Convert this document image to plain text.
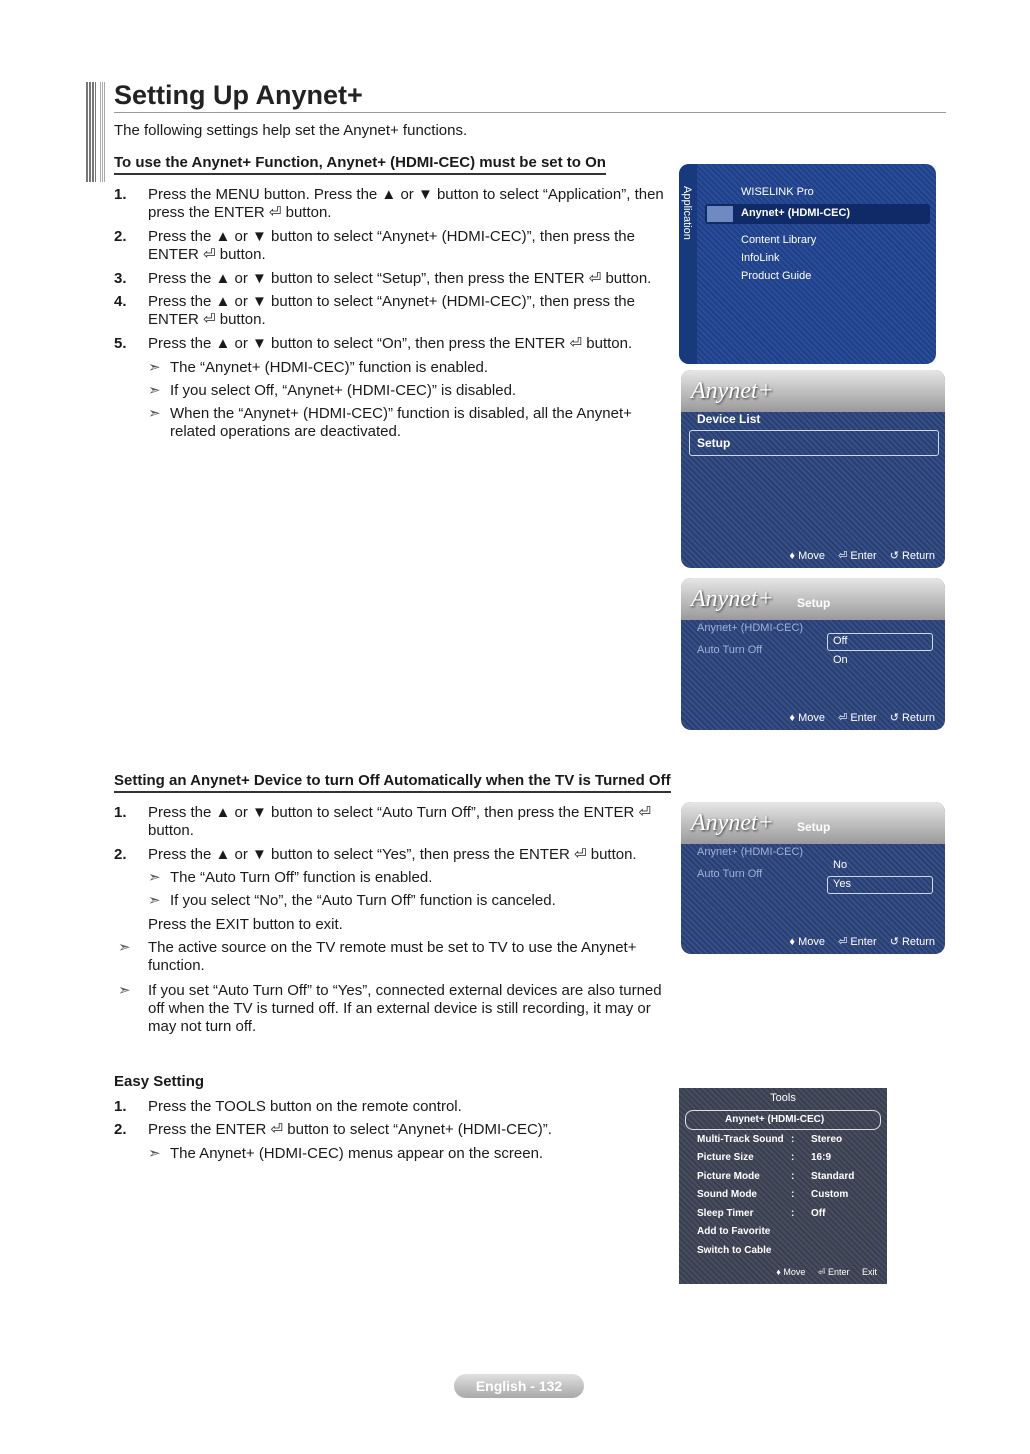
Setting Up Anynet+
The following settings help set the Anynet+ functions.
To use the Anynet+ Function, Anynet+ (HDMI-CEC) must be set to On
1. Press the MENU button. Press the ▲ or ▼ button to select “Application”, then press the ENTER ⏎ button.
2. Press the ▲ or ▼ button to select “Anynet+ (HDMI-CEC)”, then press the ENTER ⏎ button.
3. Press the ▲ or ▼ button to select “Setup”, then press the ENTER ⏎ button.
4. Press the ▲ or ▼ button to select “Anynet+ (HDMI-CEC)”, then press the ENTER ⏎ button.
5. Press the ▲ or ▼ button to select “On”, then press the ENTER ⏎ button.
➣ The “Anynet+ (HDMI-CEC)” function is enabled.
➣ If you select Off, “Anynet+ (HDMI-CEC)” is disabled.
➣ When the “Anynet+ (HDMI-CEC)” function is disabled, all the Anynet+ related operations are deactivated.
Application	WISELINK Pro
Anynet+ (HDMI-CEC)
Content Library
InfoLink
Product Guide
Anynet+
Device List
Setup
♦ Move ⏎ Enter ↺ Return
Anynet+ Setup
Anynet+ (HDMI-CEC)
Auto Turn Off
Off
On
♦ Move ⏎ Enter ↺ Return
Setting an Anynet+ Device to turn Off Automatically when the TV is Turned Off
1. Press the ▲ or ▼ button to select “Auto Turn Off”, then press the ENTER ⏎ button.
2. Press the ▲ or ▼ button to select “Yes”, then press the ENTER ⏎ button.
➣ The “Auto Turn Off” function is enabled.
➣ If you select “No”, the “Auto Turn Off” function is canceled.
Press the EXIT button to exit.
➣ The active source on the TV remote must be set to TV to use the Anynet+ function.
➣ If you set “Auto Turn Off” to “Yes”, connected external devices are also turned off when the TV is turned off. If an external device is still recording, it may or may not turn off.
Anynet+ Setup
Anynet+ (HDMI-CEC)
Auto Turn Off
No
Yes
♦ Move ⏎ Enter ↺ Return
Easy Setting
1. Press the TOOLS button on the remote control.
2. Press the ENTER ⏎ button to select “Anynet+ (HDMI-CEC)”.
➣ The Anynet+ (HDMI-CEC) menus appear on the screen.
Tools
Anynet+ (HDMI-CEC)
Multi-Track Sound : Stereo
Picture Size	: 16:9
Picture Mode	: Standard
Sound Mode	: Custom
Sleep Timer	: Off
Add to Favorite
Switch to Cable
♦ Move ⏎ Enter Exit
English - 132
